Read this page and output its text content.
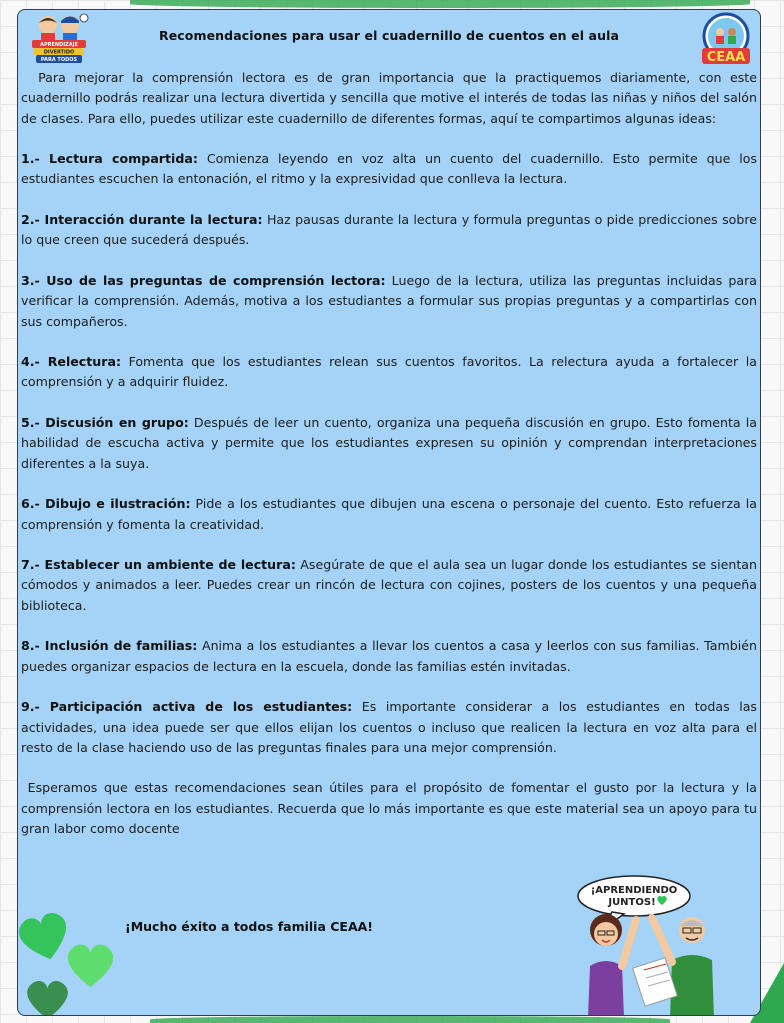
APRENDIZAJE
DIVERTIDO
PARA TODOS
Recomendaciones para usar el cuadernillo de cuentos en el aula
CEAA

Para mejorar la comprensión lectora es de gran importancia que la practiquemos diariamente, con este cuadernillo podrás realizar una lectura divertida y sencilla que motive el interés de todas las niñas y niños del salón de clases. Para ello, puedes utilizar este cuadernillo de diferentes formas, aquí te compartimos algunas ideas:

1.- Lectura compartida: Comienza leyendo en voz alta un cuento del cuadernillo. Esto permite que los estudiantes escuchen la entonación, el ritmo y la expresividad que conlleva la lectura.

2.- Interacción durante la lectura: Haz pausas durante la lectura y formula preguntas o pide predicciones sobre lo que creen que sucederá después.

3.- Uso de las preguntas de comprensión lectora: Luego de la lectura, utiliza las preguntas incluidas para verificar la comprensión. Además, motiva a los estudiantes a formular sus propias preguntas y a compartirlas con sus compañeros.

4.- Relectura: Fomenta que los estudiantes relean sus cuentos favoritos. La relectura ayuda a fortalecer la comprensión y a adquirir fluidez.

5.- Discusión en grupo: Después de leer un cuento, organiza una pequeña discusión en grupo. Esto fomenta la habilidad de escucha activa y permite que los estudiantes expresen su opinión y comprendan interpretaciones diferentes a la suya.

6.- Dibujo e ilustración: Pide a los estudiantes que dibujen una escena o personaje del cuento. Esto refuerza la comprensión y fomenta la creatividad.

7.- Establecer un ambiente de lectura: Asegúrate de que el aula sea un lugar donde los estudiantes se sientan cómodos y animados a leer. Puedes crear un rincón de lectura con cojines, posters de los cuentos y una pequeña biblioteca.

8.- Inclusión de familias: Anima a los estudiantes a llevar los cuentos a casa y leerlos con sus familias. También puedes organizar espacios de lectura en la escuela, donde las familias estén invitadas.

9.- Participación activa de los estudiantes: Es importante considerar a los estudiantes en todas las actividades, una idea puede ser que ellos elijan los cuentos o incluso que realicen la lectura en voz alta para el resto de la clase haciendo uso de las preguntas finales para una mejor comprensión.

Esperamos que estas recomendaciones sean útiles para el propósito de fomentar el gusto por la lectura y la comprensión lectora en los estudiantes. Recuerda que lo más importante es que este material sea un apoyo para tu gran labor como docente

¡Mucho éxito a todos familia CEAA!
¡APRENDIENDO
JUNTOS!
